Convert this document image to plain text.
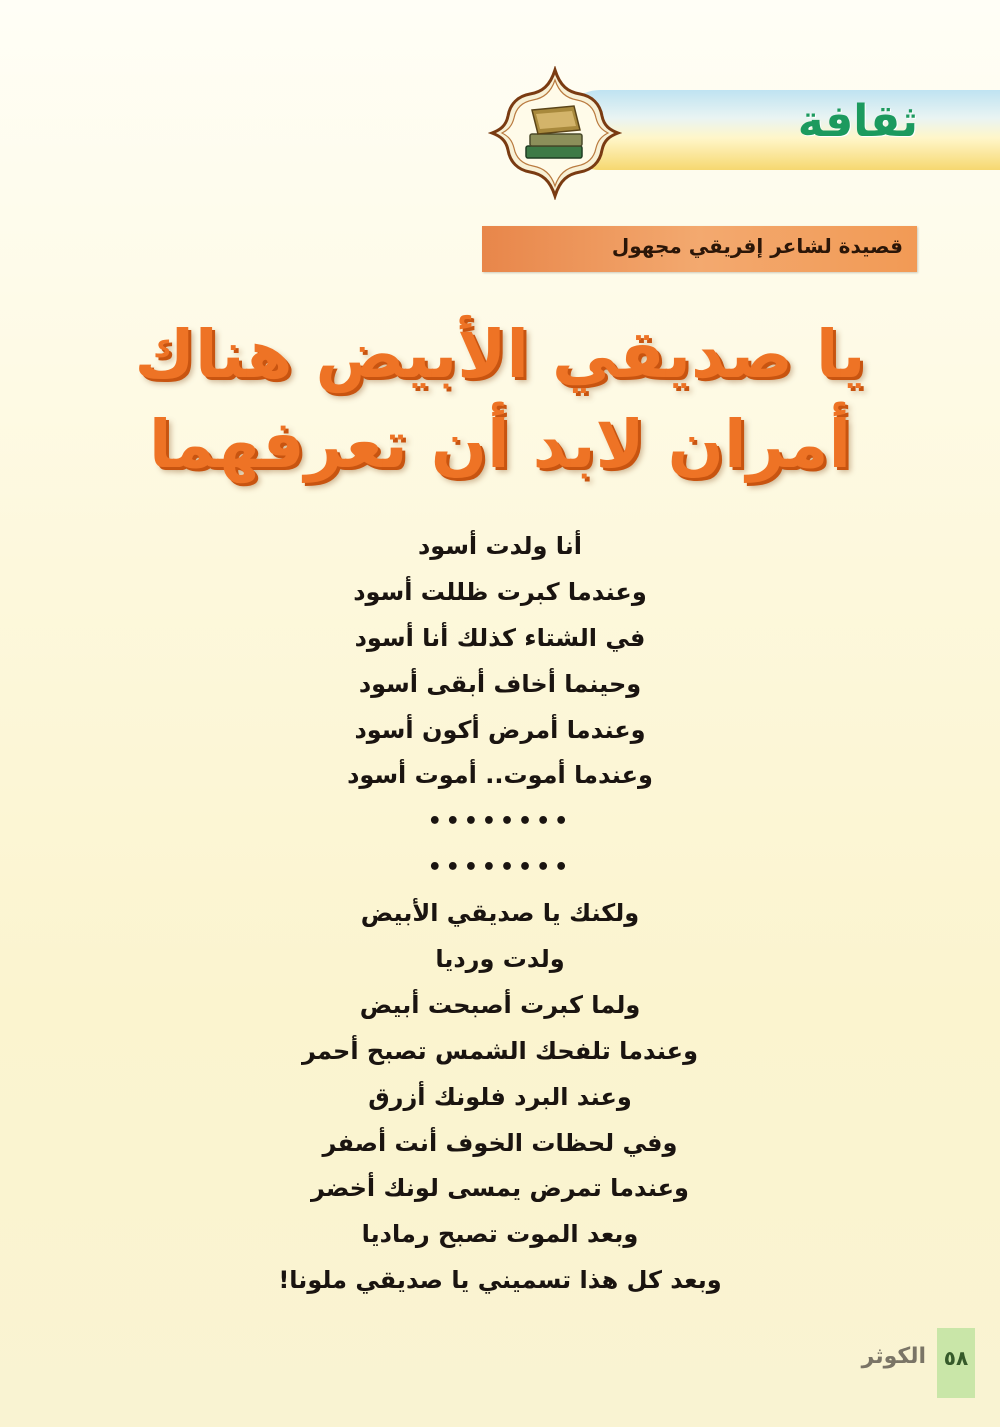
ثقافة
قصيدة لشاعر إفريقي مجهول
يا صديقي الأبيض هناك
أمران لابد أن تعرفهما
أنا ولدت أسود
وعندما كبرت ظللت أسود
في الشتاء كذلك أنا أسود
وحينما أخاف أبقى أسود
وعندما أمرض أكون أسود
وعندما أموت.. أموت أسود
••••••••
••••••••
ولكنك يا صديقي الأبيض
ولدت ورديا
ولما كبرت أصبحت أبيض
وعندما تلفحك الشمس تصبح أحمر
وعند البرد فلونك أزرق
وفي لحظات الخوف أنت أصفر
وعندما تمرض يمسى لونك أخضر
وبعد الموت تصبح رماديا
وبعد كل هذا تسميني يا صديقي ملونا!
٥٨
الكوثر
